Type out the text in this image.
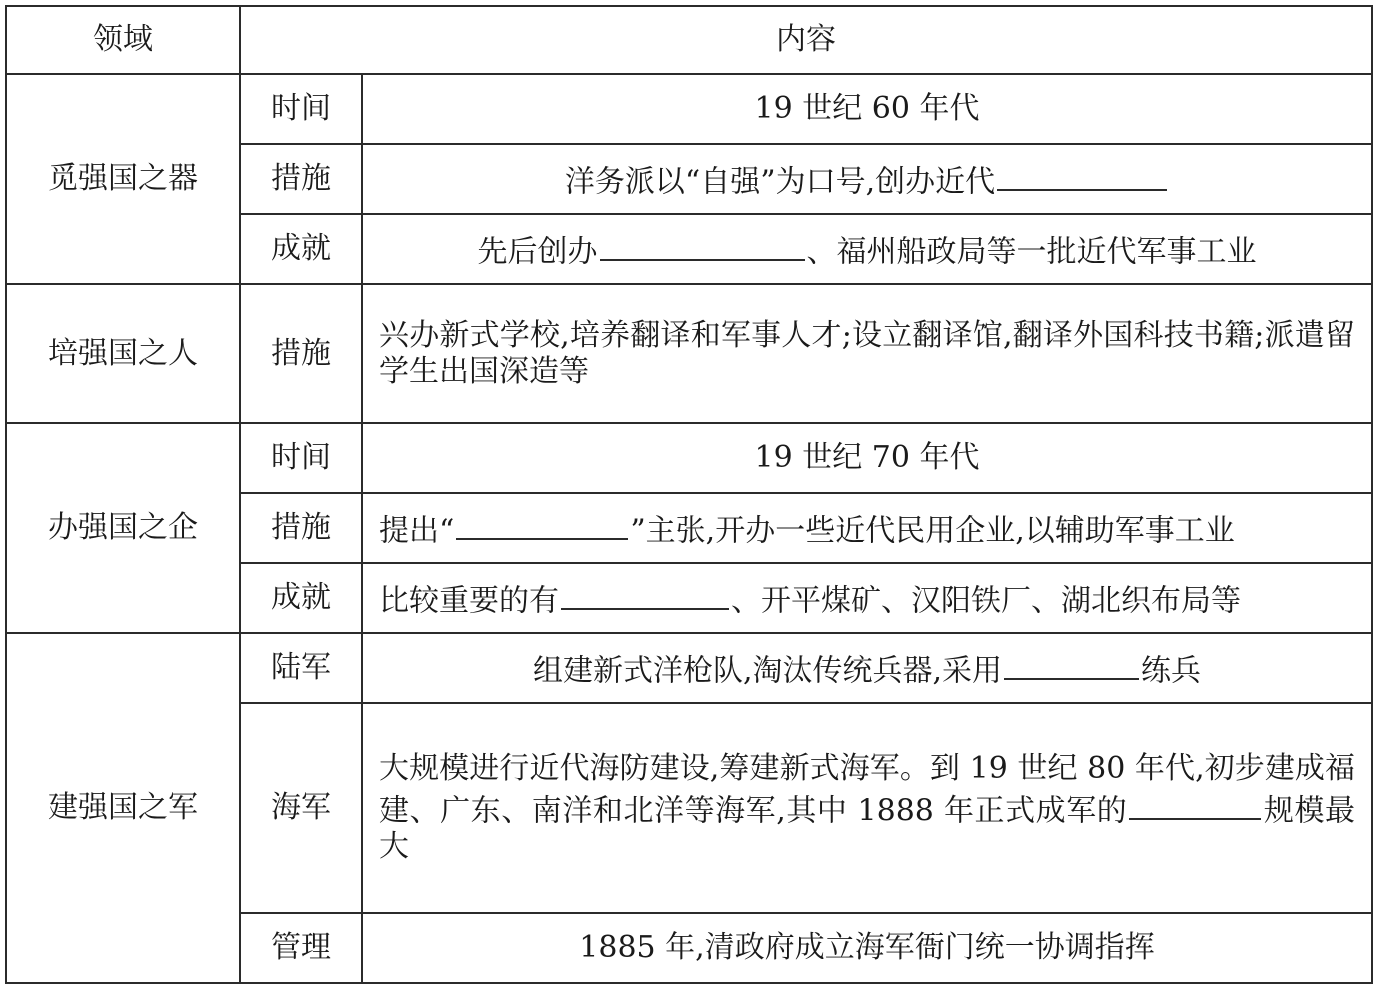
领域	内容	
觅强国之器	时间	19 世纪 60 年代
	措施	洋务派以“自强”为口号,创办近代
	成就	先后创办 、福州船政局等一批近代军事工业
培强国之人	措施	兴办新式学校,培养翻译和军事人才;设立翻译馆,翻译外国科技书籍;派遣留学生出国深造等
办强国之企	时间	19 世纪 70 年代
	措施	提出“ ”主张,开办一些近代民用企业,以辅助军事工业
	成就	比较重要的有 、开平煤矿、汉阳铁厂、湖北织布局等
建强国之军	陆军	组建新式洋枪队,淘汰传统兵器,采用 练兵
	海军	大规模进行近代海防建设,筹建新式海军。到 19 世纪 80 年代,初步建成福建、广东、南洋和北洋等海军,其中 1888 年正式成军的 规模最大
	管理	1885 年,清政府成立海军衙门统一协调指挥
